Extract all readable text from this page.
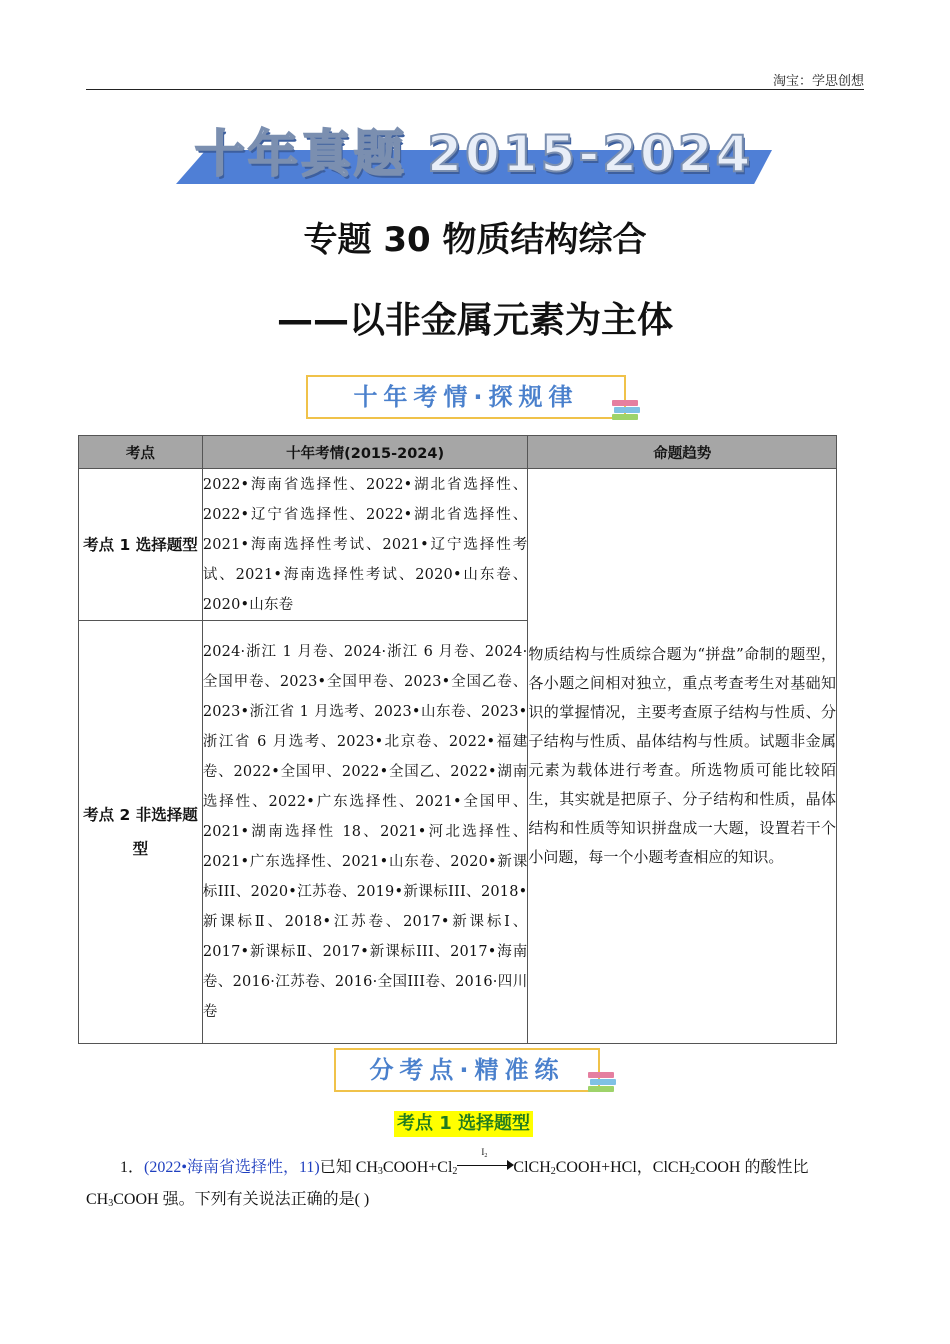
淘宝：学思创想
十年真题 2015-2024
专题 30 物质结构综合
——以非金属元素为主体
十年考情·探规律
考点	十年考情(2015-2024)	命题趋势
考点 1 选择题型	2022•海南省选择性、2022•湖北省选择性、2022•辽宁省选择性、2022•湖北省选择性、2021•海南选择性考试、2021•辽宁选择性考试、2021•海南选择性考试、2020•山东卷、2020•山东卷	物质结构与性质综合题为“拼盘”命制的题型，各小题之间相对独立，重点考查考生对基础知识的掌握情况，主要考查原子结构与性质、分子结构与性质、晶体结构与性质。试题非金属元素为载体进行考查。所选物质可能比较陌生，其实就是把原子、分子结构和性质，晶体结构和性质等知识拼盘成一大题，设置若干个小问题，每一个小题考查相应的知识。
考点 2 非选择题型	2024·浙江 1 月卷、2024·浙江 6 月卷、2024·全国甲卷、2023•全国甲卷、2023•全国乙卷、2023•浙江省 1 月选考、2023•山东卷、2023•浙江省 6 月选考、2023•北京卷、2022•福建卷、2022•全国甲、2022•全国乙、2022•湖南选择性、2022•广东选择性、2021•全国甲、2021•湖南选择性 18、2021•河北选择性、2021•广东选择性、2021•山东卷、2020•新课标III、2020•江苏卷、2019•新课标III、2018•新课标Ⅱ、2018•江苏卷、2017•新课标Ⅰ、2017•新课标Ⅱ、2017•新课标III、2017•海南卷、2016·江苏卷、2016·全国III卷、2016·四川卷	
分考点·精准练
考点 1 选择题型
1．(2022•海南省选择性，11)已知 $CH_3COOH+Cl_2$
$I_2$
ClCH$_2$COOH+HCl，ClCH$_2$COOH 的酸性比
$CH_3COOH$ 强。下列有关说法正确的是( )
